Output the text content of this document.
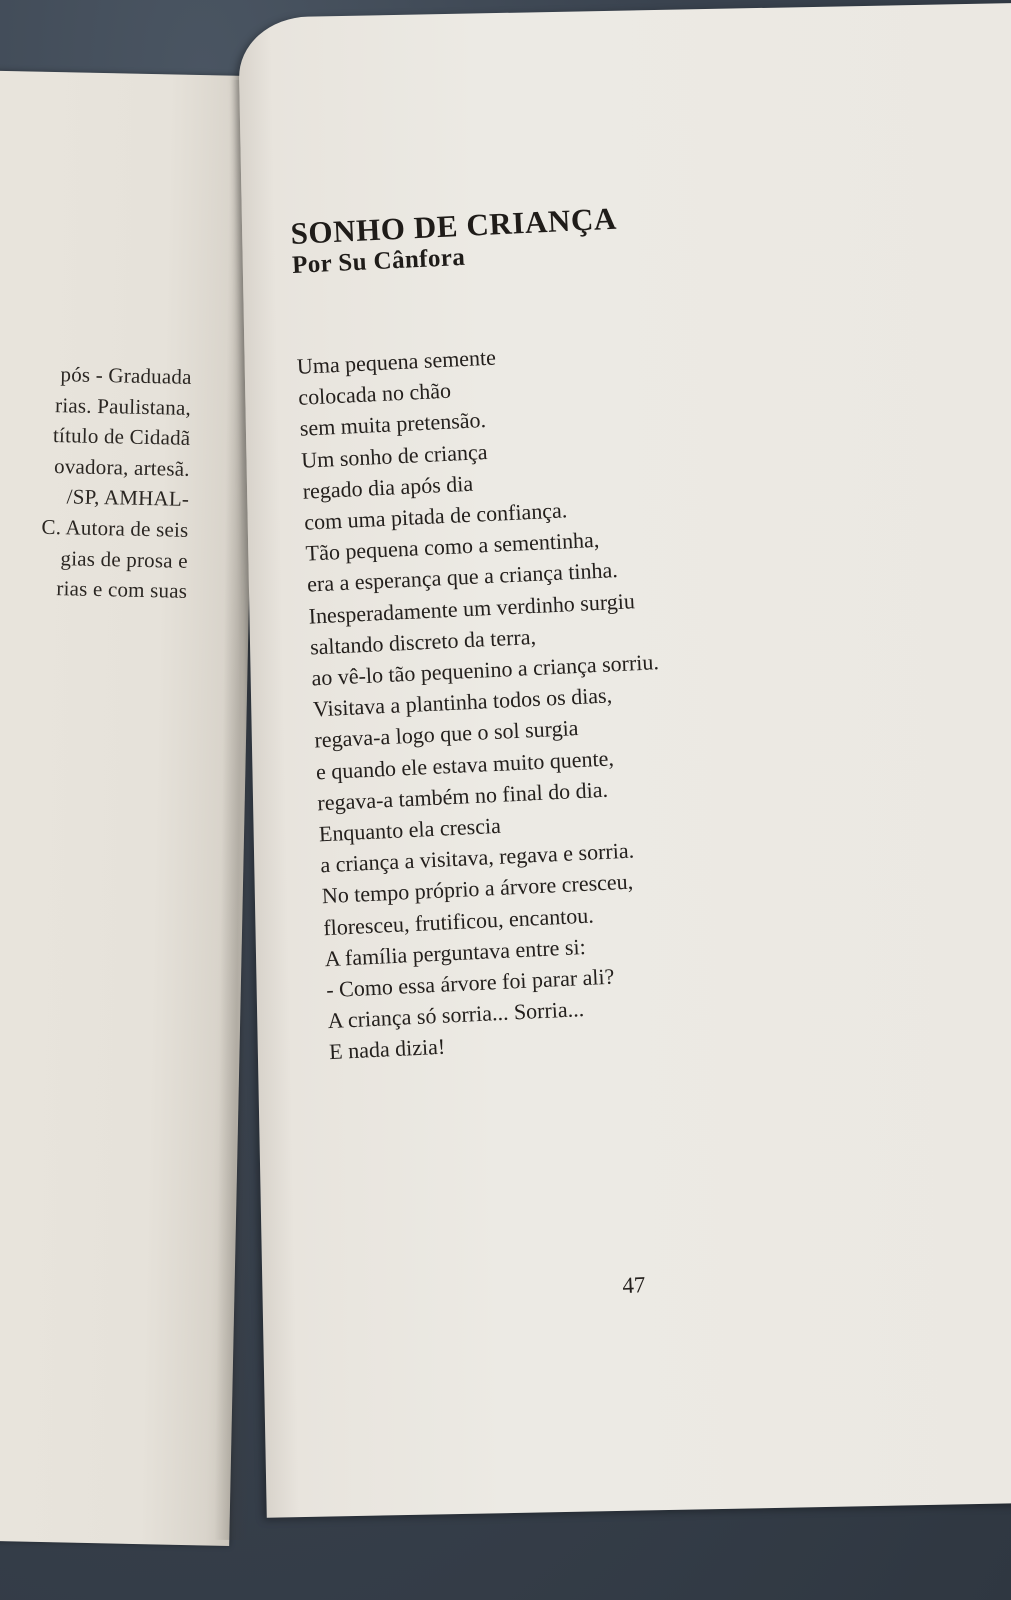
pós - Graduada
rias. Paulistana,
título de Cidadã
ovadora, artesã.
/SP, AMHAL-
C. Autora de seis
gias de prosa e
rias e com suas
SONHO DE CRIANÇA
Por Su Cânfora
Uma pequena semente
colocada no chão
sem muita pretensão.
Um sonho de criança
regado dia após dia
com uma pitada de confiança.
Tão pequena como a sementinha,
era a esperança que a criança tinha.
Inesperadamente um verdinho surgiu
saltando discreto da terra,
ao vê-lo tão pequenino a criança sorriu.
Visitava a plantinha todos os dias,
regava-a logo que o sol surgia
e quando ele estava muito quente,
regava-a também no final do dia.
Enquanto ela crescia
a criança a visitava, regava e sorria.
No tempo próprio a árvore cresceu,
floresceu, frutificou, encantou.
A família perguntava entre si:
- Como essa árvore foi parar ali?
A criança só sorria... Sorria...
E nada dizia!
47
